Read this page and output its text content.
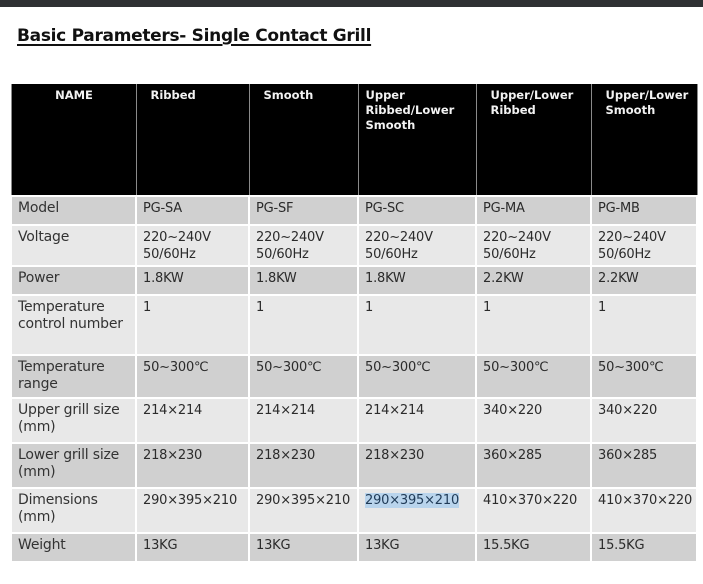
Basic Parameters- Single Contact Grill
NAME	Ribbed	Smooth	Upper Ribbed/Lower Smooth	Upper/Lower Ribbed	Upper/Lower Smooth
Model	PG-SA	PG-SF	PG-SC	PG-MA	PG-MB
Voltage	220~240V 50/60Hz	220~240V 50/60Hz	220~240V 50/60Hz	220~240V 50/60Hz	220~240V 50/60Hz
Power	1.8KW	1.8KW	1.8KW	2.2KW	2.2KW
Temperature control number	1	1	1	1	1
Temperature range	50~300℃	50~300℃	50~300℃	50~300℃	50~300℃
Upper grill size (mm)	214×214	214×214	214×214	340×220	340×220
Lower grill size (mm)	218×230	218×230	218×230	360×285	360×285
Dimensions (mm)	290×395×210	290×395×210	290×395×210	410×370×220	410×370×220
Weight	13KG	13KG	13KG	15.5KG	15.5KG
